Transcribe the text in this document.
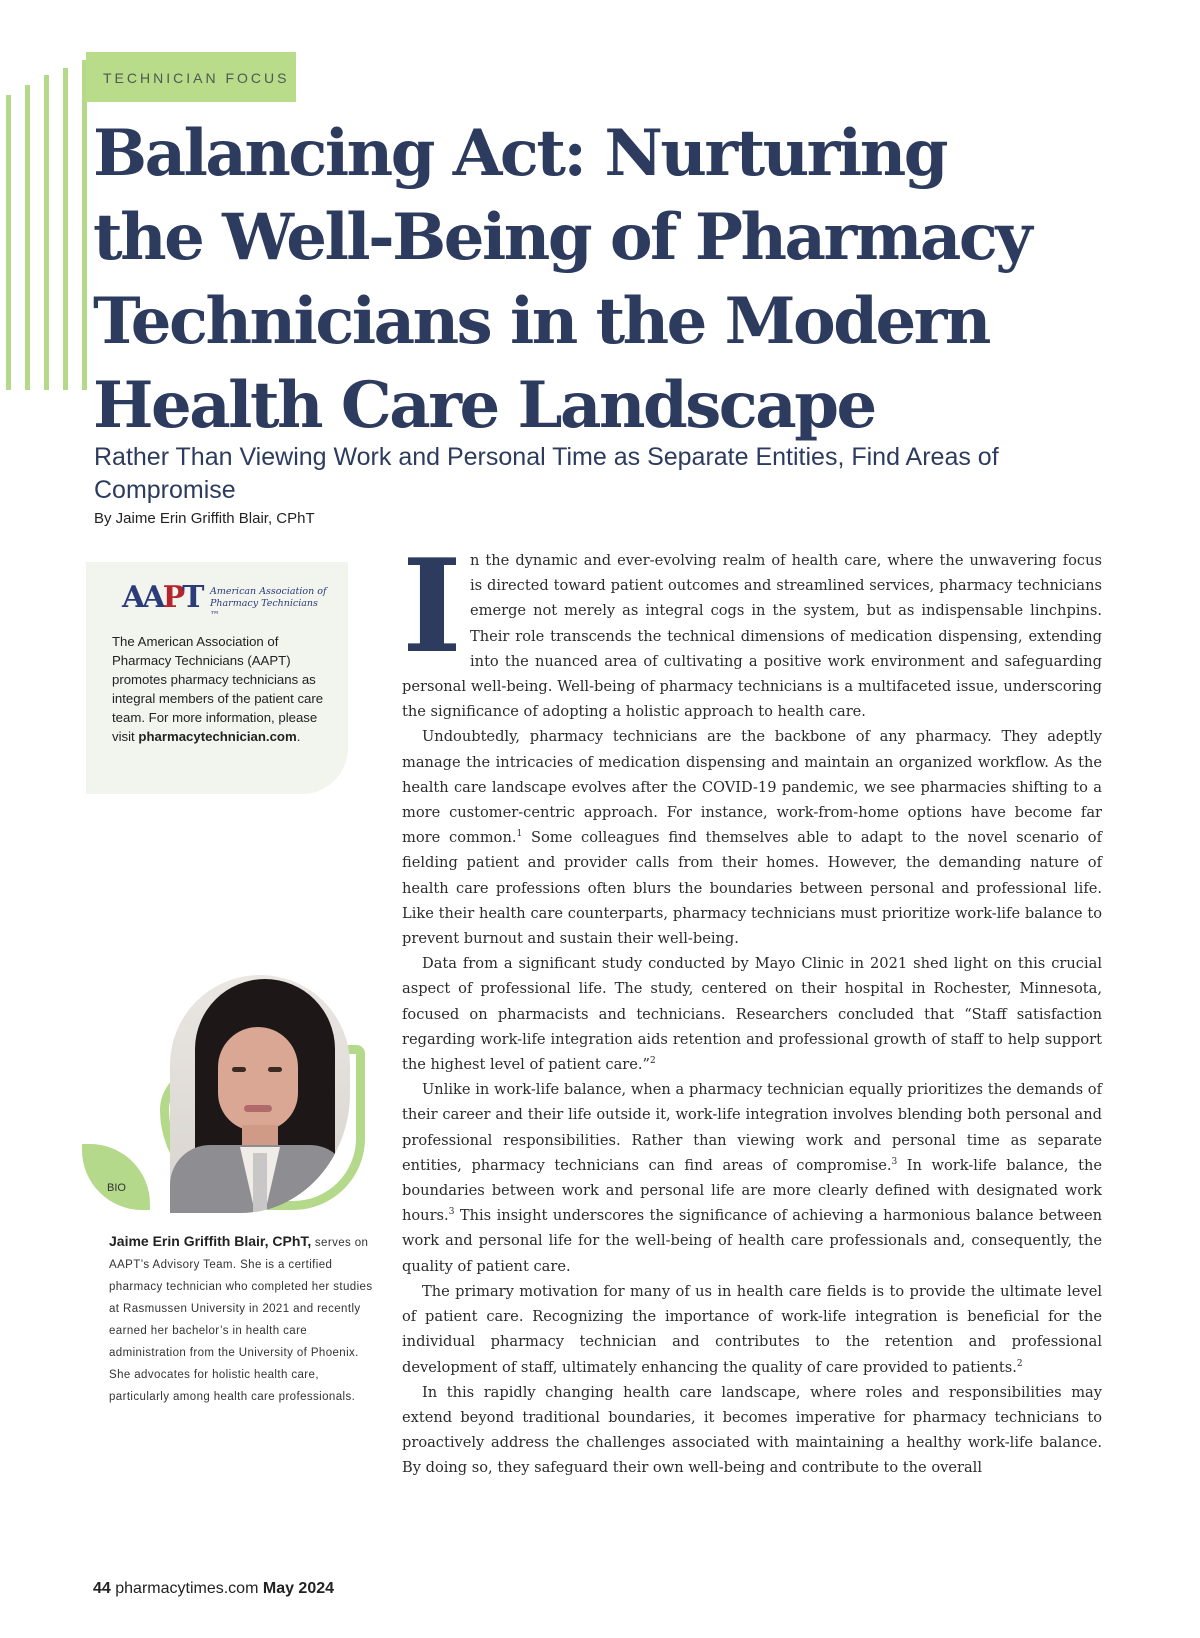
TECHNICIAN FOCUS
Balancing Act: Nurturing
the Well-Being of Pharmacy
Technicians in the Modern
Health Care Landscape
Rather Than Viewing Work and Personal Time as Separate Entities, Find Areas of Compromise
By Jaime Erin Griffith Blair, CPhT
AAPT American Association of Pharmacy Technicians ™
The American Association of Pharmacy Technicians (AAPT) promotes pharmacy technicians as integral members of the patient care team. For more information, please visit pharmacytechnician.com.
BIO
Jaime Erin Griffith Blair, CPhT, serves on AAPT’s Advisory Team. She is a certified pharmacy technician who completed her studies at Rasmussen University in 2021 and recently earned her bachelor’s in health care administration from the University of Phoenix. She advocates for holistic health care, particularly among health care professionals.

In the dynamic and ever-evolving realm of health care, where the unwavering focus is directed toward patient outcomes and streamlined services, pharmacy technicians emerge not merely as integral cogs in the system, but as indispensable linchpins. Their role transcends the technical dimensions of medication dispensing, extending into the nuanced area of cultivating a positive work environment and safeguarding personal well-being. Well-being of pharmacy technicians is a multifaceted issue, underscoring the significance of adopting a holistic approach to health care.

Undoubtedly, pharmacy technicians are the backbone of any pharmacy. They adeptly manage the intricacies of medication dispensing and maintain an organized workflow. As the health care landscape evolves after the COVID-19 pandemic, we see pharmacies shifting to a more customer-centric approach. For instance, work-from-home options have become far more common.$^1$ Some colleagues find themselves able to adapt to the novel scenario of fielding patient and provider calls from their homes. However, the demanding nature of health care professions often blurs the boundaries between personal and professional life. Like their health care counterparts, pharmacy technicians must prioritize work-life balance to prevent burnout and sustain their well-being.

Data from a significant study conducted by Mayo Clinic in 2021 shed light on this crucial aspect of professional life. The study, centered on their hospital in Rochester, Minnesota, focused on pharmacists and technicians. Researchers concluded that “Staff satisfaction regarding work-life integration aids retention and professional growth of staff to help support the highest level of patient care.”$^2$

Unlike in work-life balance, when a pharmacy technician equally prioritizes the demands of their career and their life outside it, work-life integration involves blending both personal and professional responsibilities. Rather than viewing work and personal time as separate entities, pharmacy technicians can find areas of compromise.$^3$ In work-life balance, the boundaries between work and personal life are more clearly defined with designated work hours.$^3$ This insight underscores the significance of achieving a harmonious balance between work and personal life for the well-being of health care professionals and, consequently, the quality of patient care.

The primary motivation for many of us in health care fields is to provide the ultimate level of patient care. Recognizing the importance of work-life integration is beneficial for the individual pharmacy technician and contributes to the retention and professional development of staff, ultimately enhancing the quality of care provided to patients.$^2$

In this rapidly changing health care landscape, where roles and responsibilities may extend beyond traditional boundaries, it becomes imperative for pharmacy technicians to proactively address the challenges associated with maintaining a healthy work-life balance. By doing so, they safeguard their own well-being and contribute to the overall

44 pharmacytimes.com May 2024
